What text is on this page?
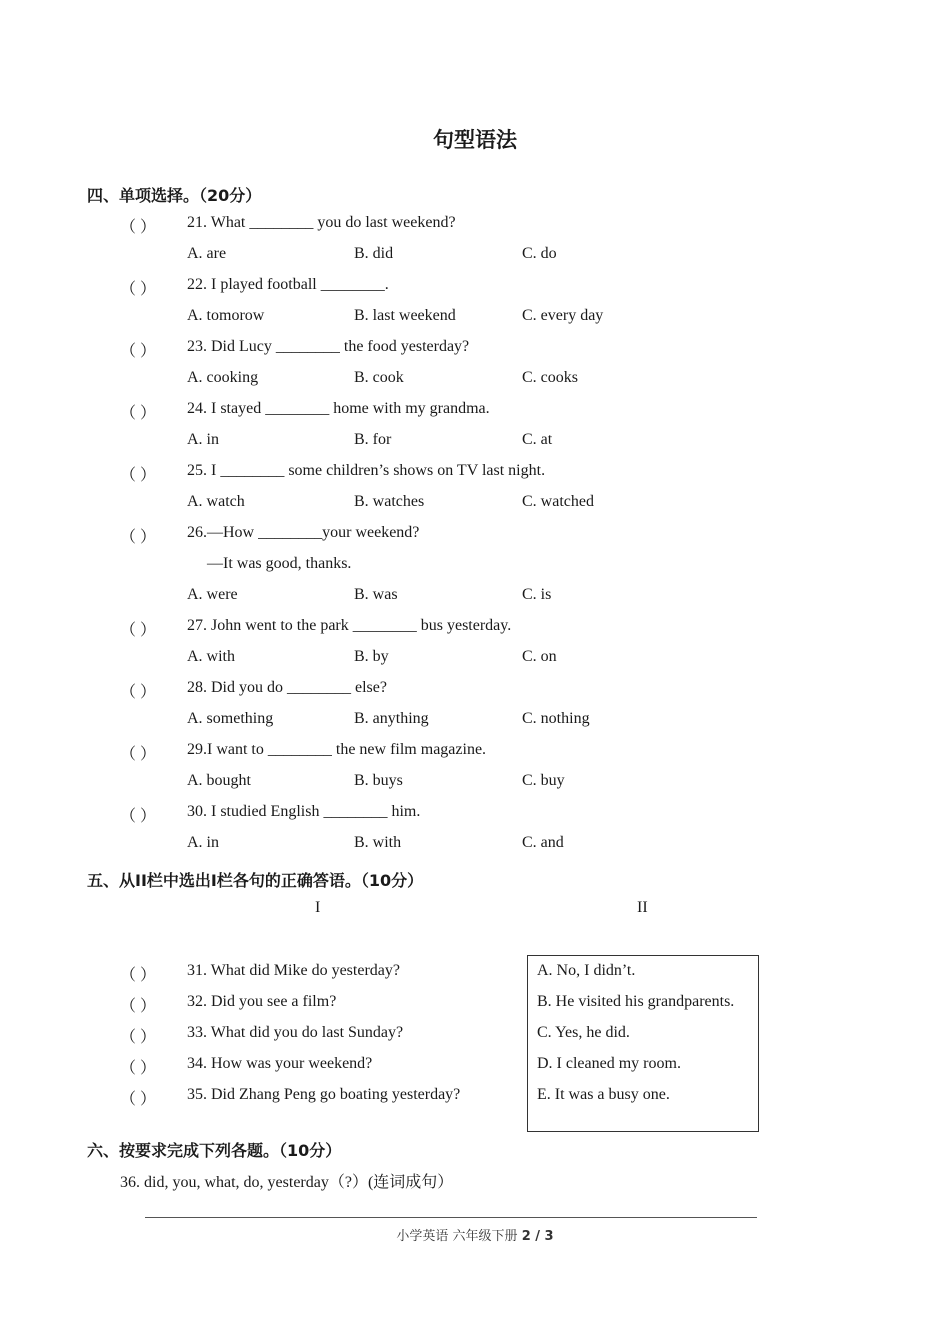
句型语法
四、单项选择。（20分）
（ ） 21. What ________ you do last weekend?
A. are	B. did	C. do
（ ） 22. I played football ________.
A. tomorow	B. last weekend	C. every day
（ ） 23. Did Lucy ________ the food yesterday?
A. cooking	B. cook	C. cooks
（ ） 24. I stayed ________ home with my grandma.
A. in	B. for	C. at
（ ） 25. I ________ some children’s shows on TV last night.
A. watch	B. watches	C. watched
（ ） 26.—How ________your weekend?
—It was good, thanks.
A. were	B. was	C. is
（ ） 27. John went to the park ________ bus yesterday.
A. with	B. by	C. on
（ ） 28. Did you do ________ else?
A. something	B. anything	C. nothing
（ ） 29.I want to ________ the new film magazine.
A. bought	B. buys	C. buy
（ ） 30. I studied English ________ him.
A. in	B. with	C. and
五、从II栏中选出I栏各句的正确答语。（10分）
I	II
（ ） 31. What did Mike do yesterday?
（ ） 32. Did you see a film?
（ ） 33. What did you do last Sunday?
（ ） 34. How was your weekend?
（ ） 35. Did Zhang Peng go boating yesterday?
A. No, I didn’t.
B. He visited his grandparents.
C. Yes, he did.
D. I cleaned my room.
E. It was a busy one.
六、按要求完成下列各题。（10分）
36. did, you, what, do, yesterday（?）(连词成句）
小学英语 六年级下册 2 / 3
